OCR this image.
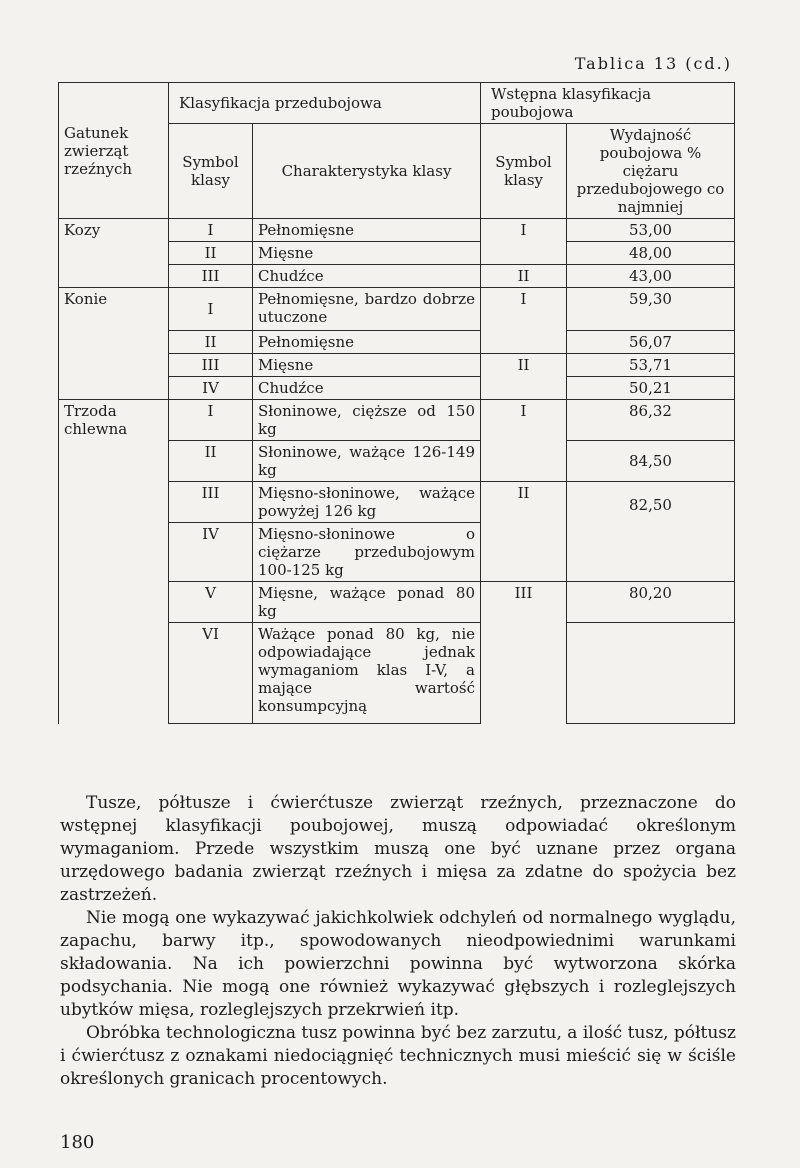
Tablica 13 (cd.)
Gatunek zwierząt rzeźnych	Klasyfikacja przedubojowa		Wstępna klasyfikacja poubojowa	
	Symbol klasy	Charakterystyka klasy	Symbol klasy	Wydajność poubojowa % ciężaru przedubojowego co najmniej
Kozy	I	Pełnomięsne	I	53,00
	II	Mięsne		48,00
	III	Chudźce	II	43,00
Konie	I	Pełnomięsne, bardzo dobrze utuczone	I	59,30
	II	Pełnomięsne		56,07
	III	Mięsne	II	53,71
	IV	Chudźce		50,21
Trzoda chlewna	I	Słoninowe, cięższe od 150 kg	I	86,32
	II	Słoninowe, ważące 126-149 kg		84,50
	III	Mięsno-słoninowe, ważące powyżej 126 kg	II	82,50
	IV	Mięsno-słoninowe o ciężarze przedubojowym 100-125 kg		
	V	Mięsne, ważące ponad 80 kg	III	80,20
	VI	Ważące ponad 80 kg, nie odpowiadające jednak wymaganiom klas I-V, a mające wartość konsumpcyjną		

Tusze, półtusze i ćwierćtusze zwierząt rzeźnych, przeznaczone do wstępnej klasyfikacji poubojowej, muszą odpowiadać określonym wymaganiom. Przede wszystkim muszą one być uznane przez organa urzędowego badania zwierząt rzeźnych i mięsa za zdatne do spożycia bez zastrzeżeń.

Nie mogą one wykazywać jakichkolwiek odchyleń od normalnego wyglądu, zapachu, barwy itp., spowodowanych nieodpowiednimi warunkami składowania. Na ich powierzchni powinna być wytworzona skórka podsychania. Nie mogą one również wykazywać głębszych i rozleglejszych ubytków mięsa, rozleglejszych przekrwień itp.

Obróbka technologiczna tusz powinna być bez zarzutu, a ilość tusz, półtusz i ćwierćtusz z oznakami niedociągnięć technicznych musi mieścić się w ściśle określonych granicach procentowych.

180
